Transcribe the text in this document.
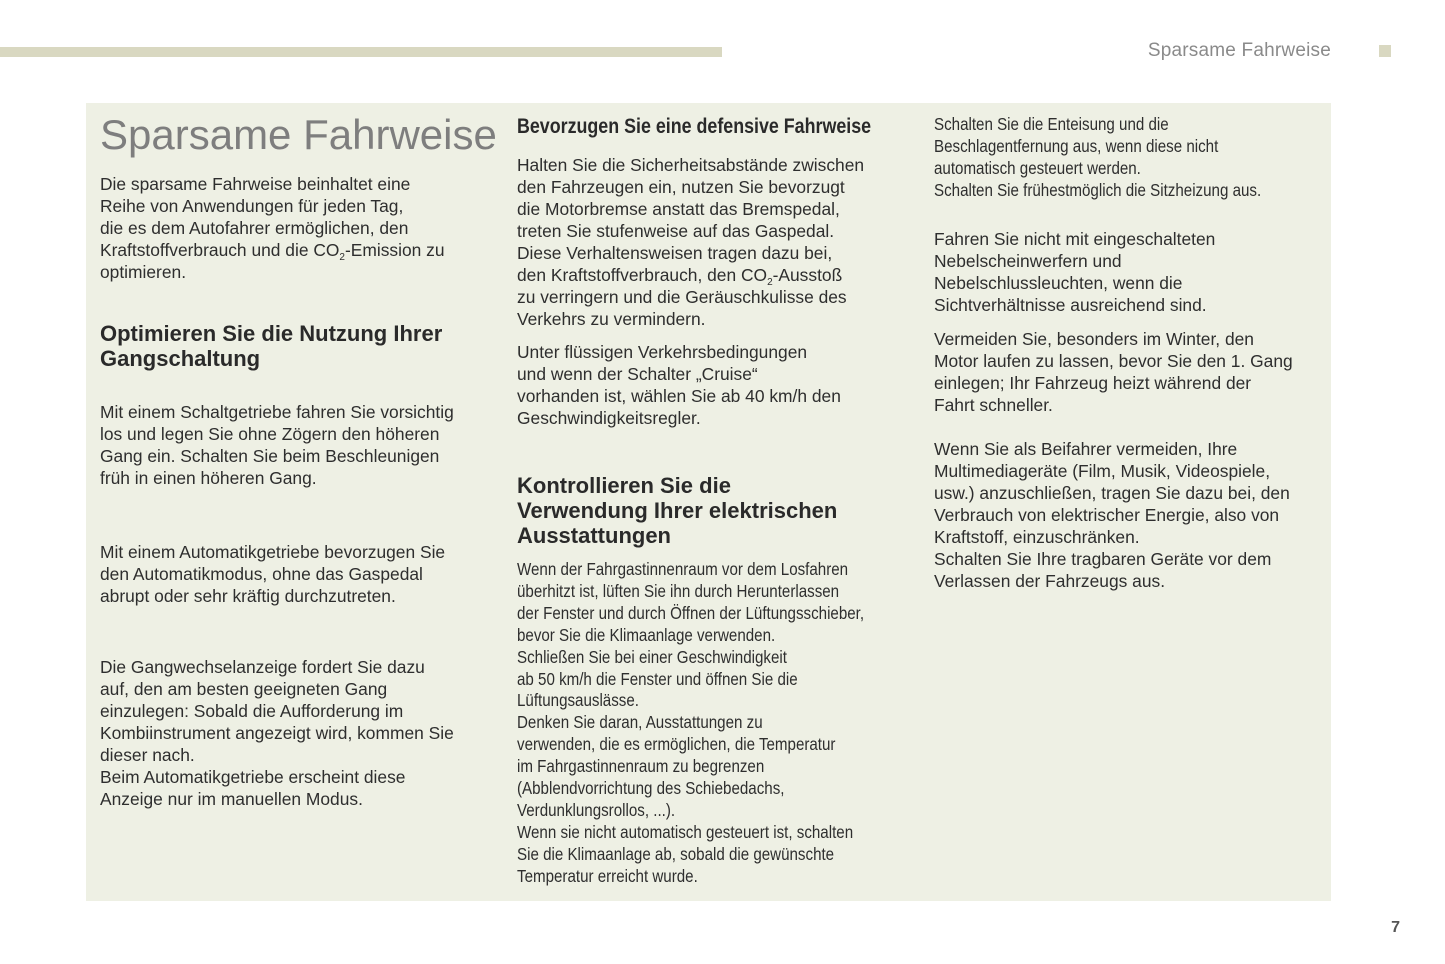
Sparsame Fahrweise
Sparsame Fahrweise
Die sparsame Fahrweise beinhaltet eine
Reihe von Anwendungen für jeden Tag,
die es dem Autofahrer ermöglichen, den
Kraftstoffverbrauch und die $CO_2$-Emission zu
optimieren.
Optimieren Sie die Nutzung Ihrer
Gangschaltung
Mit einem Schaltgetriebe fahren Sie vorsichtig
los und legen Sie ohne Zögern den höheren
Gang ein. Schalten Sie beim Beschleunigen
früh in einen höheren Gang.
Mit einem Automatikgetriebe bevorzugen Sie
den Automatikmodus, ohne das Gaspedal
abrupt oder sehr kräftig durchzutreten.
Die Gangwechselanzeige fordert Sie dazu
auf, den am besten geeigneten Gang
einzulegen: Sobald die Aufforderung im
Kombiinstrument angezeigt wird, kommen Sie
dieser nach.
Beim Automatikgetriebe erscheint diese
Anzeige nur im manuellen Modus.
Bevorzugen Sie eine defensive Fahrweise
Halten Sie die Sicherheitsabstände zwischen
den Fahrzeugen ein, nutzen Sie bevorzugt
die Motorbremse anstatt das Bremspedal,
treten Sie stufenweise auf das Gaspedal.
Diese Verhaltensweisen tragen dazu bei,
den Kraftstoffverbrauch, den $CO_2$-Ausstoß
zu verringern und die Geräuschkulisse des
Verkehrs zu vermindern.
Unter flüssigen Verkehrsbedingungen
und wenn der Schalter „Cruise“
vorhanden ist, wählen Sie ab 40 km/h den
Geschwindigkeitsregler.
Kontrollieren Sie die
Verwendung Ihrer elektrischen
Ausstattungen
Wenn der Fahrgastinnenraum vor dem Losfahren
überhitzt ist, lüften Sie ihn durch Herunterlassen
der Fenster und durch Öffnen der Lüftungsschieber,
bevor Sie die Klimaanlage verwenden.
Schließen Sie bei einer Geschwindigkeit
ab 50 km/h die Fenster und öffnen Sie die
Lüftungsauslässe.
Denken Sie daran, Ausstattungen zu
verwenden, die es ermöglichen, die Temperatur
im Fahrgastinnenraum zu begrenzen
(Abblendvorrichtung des Schiebedachs,
Verdunklungsrollos, ...).
Wenn sie nicht automatisch gesteuert ist, schalten
Sie die Klimaanlage ab, sobald die gewünschte
Temperatur erreicht wurde.
Schalten Sie die Enteisung und die
Beschlagentfernung aus, wenn diese nicht
automatisch gesteuert werden.
Schalten Sie frühestmöglich die Sitzheizung aus.
Fahren Sie nicht mit eingeschalteten
Nebelscheinwerfern und
Nebelschlussleuchten, wenn die
Sichtverhältnisse ausreichend sind.
Vermeiden Sie, besonders im Winter, den
Motor laufen zu lassen, bevor Sie den 1. Gang
einlegen; Ihr Fahrzeug heizt während der
Fahrt schneller.
Wenn Sie als Beifahrer vermeiden, Ihre
Multimediageräte (Film, Musik, Videospiele,
usw.) anzuschließen, tragen Sie dazu bei, den
Verbrauch von elektrischer Energie, also von
Kraftstoff, einzuschränken.
Schalten Sie Ihre tragbaren Geräte vor dem
Verlassen der Fahrzeugs aus.
7
